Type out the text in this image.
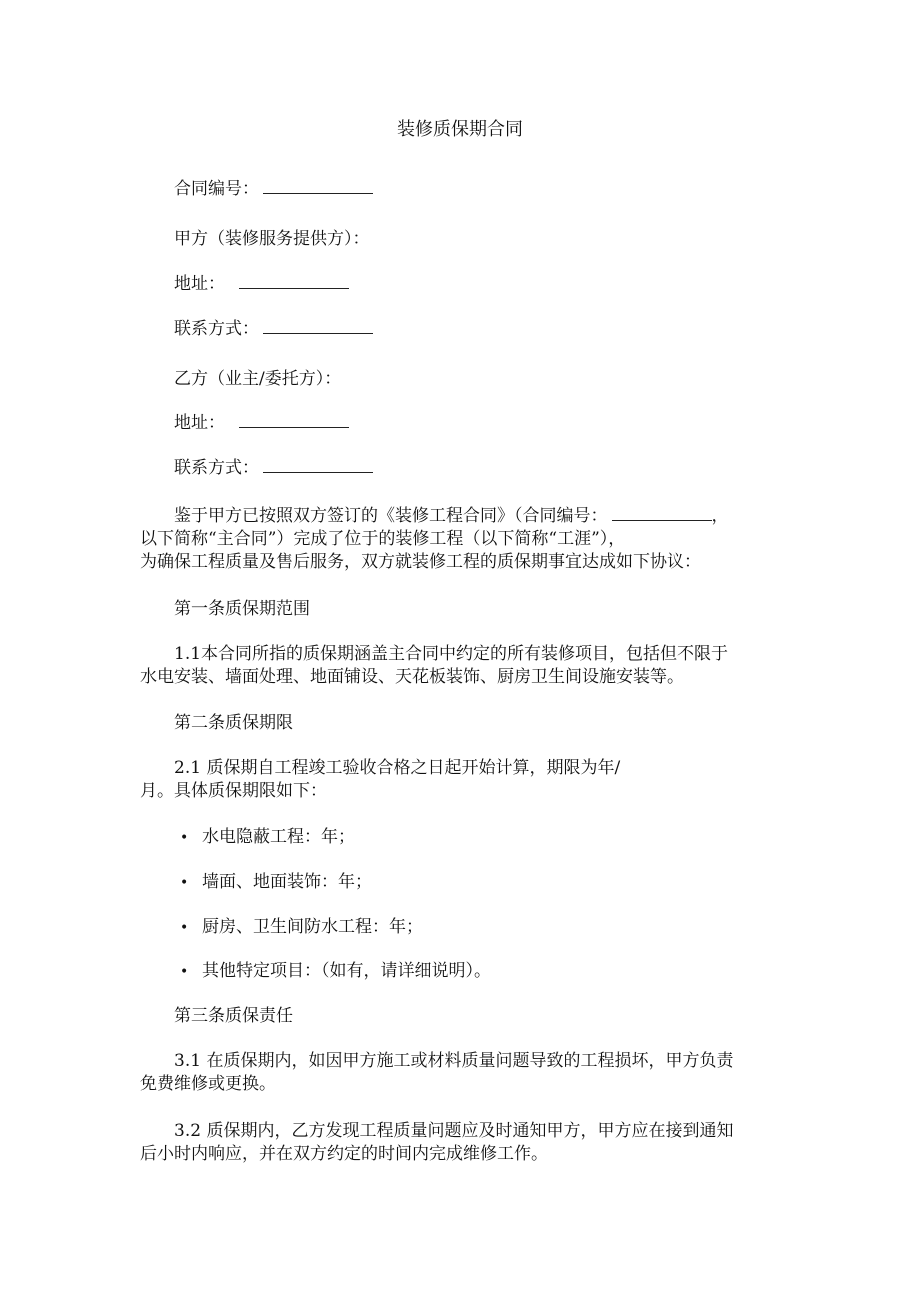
装修质保期合同
合同编号：
甲方（装修服务提供方）：
地址：
联系方式：
乙方（业主/委托方）：
地址：
联系方式：
鉴于甲方已按照双方签订的《装修工程合同》（合同编号：	，
以下简称“主合同”）完成了位于的装修工程（以下简称“工涯”），
为确保工程质量及售后服务，双方就装修工程的质保期事宜达成如下协议：
第一条质保期范围
1.1本合同所指的质保期涵盖主合同中约定的所有装修项目，包括但不限于
水电安装、墙面处理、地面铺设、天花板装饰、厨房卫生间设施安装等。
第二条质保期限
2.1 质保期自工程竣工验收合格之日起开始计算，期限为年/
月。具体质保期限如下：
• 水电隐蔽工程：年；
• 墙面、地面装饰：年；
• 厨房、卫生间防水工程：年；
• 其他特定项目：（如有，请详细说明）。
第三条质保责任
3.1 在质保期内，如因甲方施工或材料质量问题导致的工程损坏，甲方负责
免费维修或更换。
3.2 质保期内，乙方发现工程质量问题应及时通知甲方，甲方应在接到通知
后小时内响应，并在双方约定的时间内完成维修工作。
